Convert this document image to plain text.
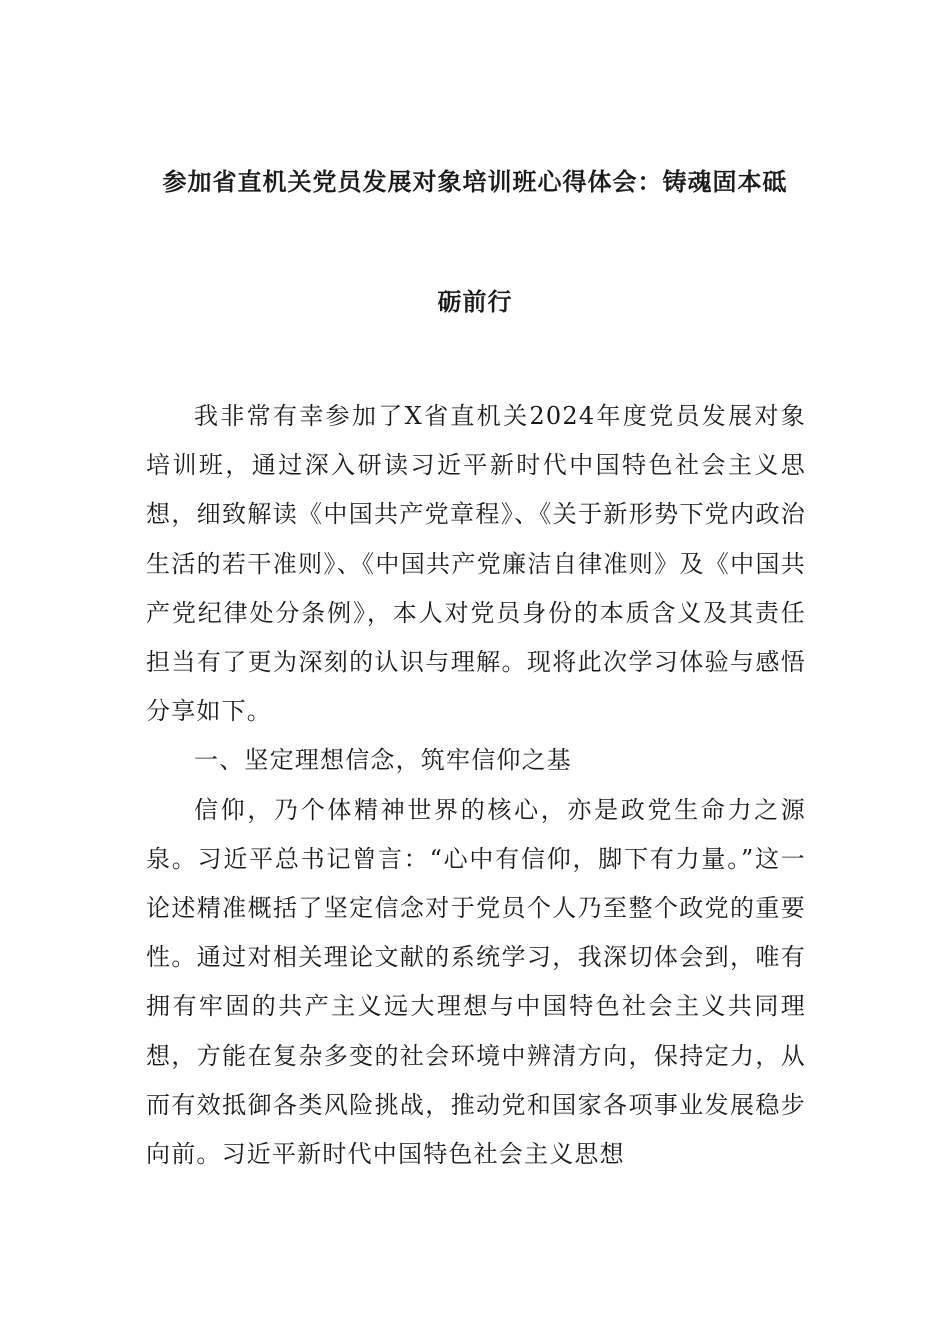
参加省直机关党员发展对象培训班心得体会：铸魂固本砥
砺前行

我非常有幸参加了X省直机关2024年度党员发展对象培训班，通过深入研读习近平新时代中国特色社会主义思想，细致解读《中国共产党章程》、《关于新形势下党内政治生活的若干准则》、《中国共产党廉洁自律准则》及《中国共产党纪律处分条例》，本人对党员身份的本质含义及其责任担当有了更为深刻的认识与理解。现将此次学习体验与感悟分享如下。

一、坚定理想信念，筑牢信仰之基

信仰，乃个体精神世界的核心，亦是政党生命力之源泉。习近平总书记曾言：“心中有信仰，脚下有力量。”这一论述精准概括了坚定信念对于党员个人乃至整个政党的重要性。通过对相关理论文献的系统学习，我深切体会到，唯有拥有牢固的共产主义远大理想与中国特色社会主义共同理想，方能在复杂多变的社会环境中辨清方向，保持定力，从而有效抵御各类风险挑战，推动党和国家各项事业发展稳步向前。习近平新时代中国特色社会主义思想
